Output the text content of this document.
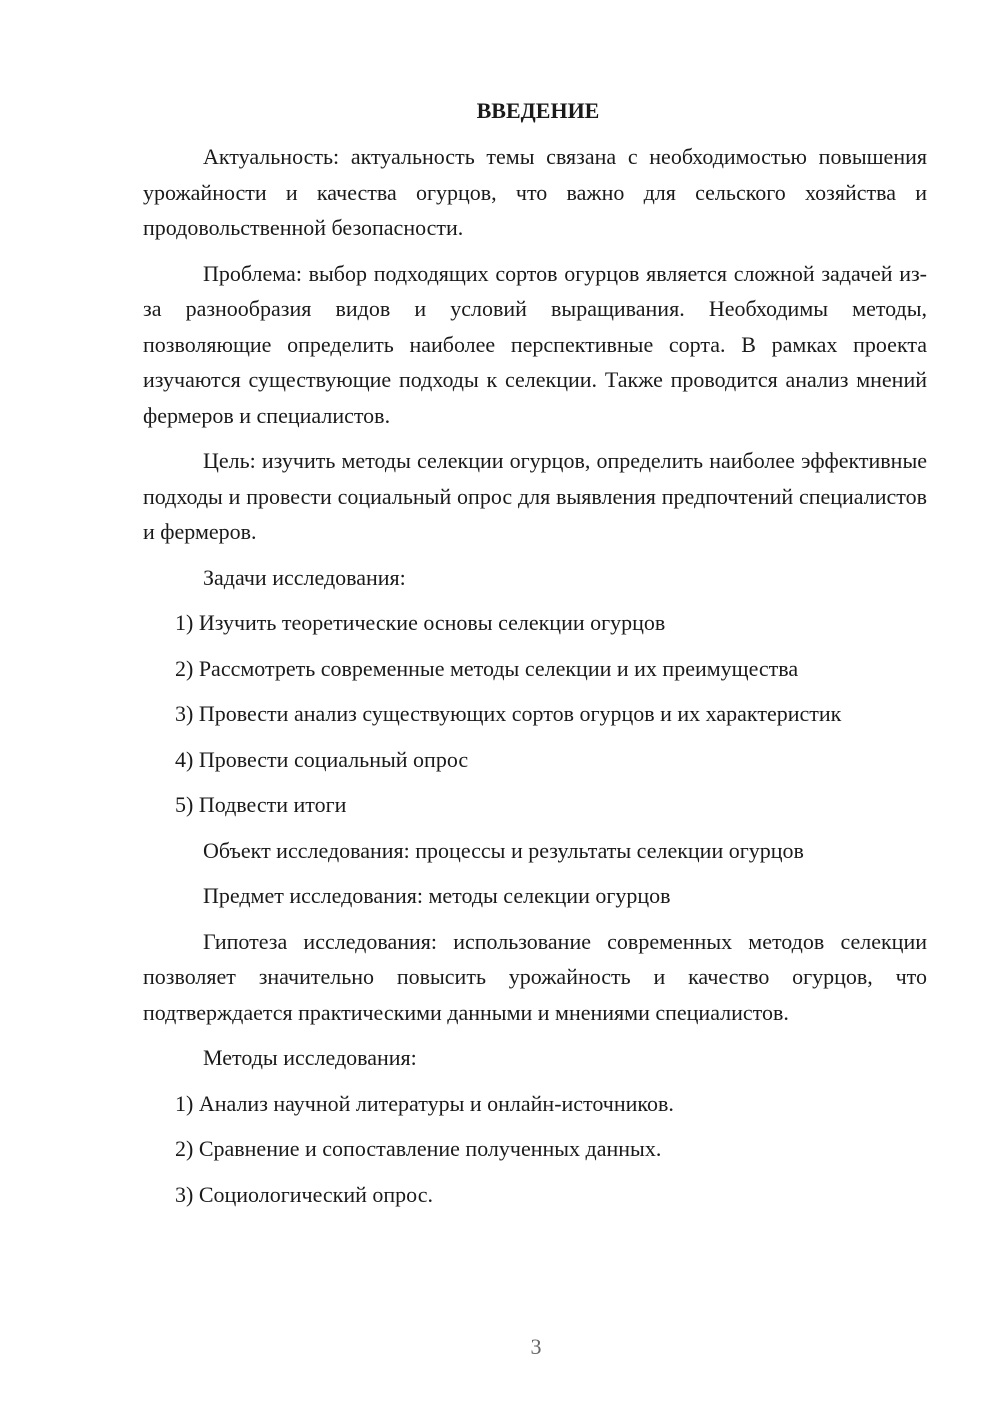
ВВЕДЕНИЕ

Актуальность: актуальность темы связана с необходимостью повышения урожайности и качества огурцов, что важно для сельского хозяйства и продовольственной безопасности.

Проблема: выбор подходящих сортов огурцов является сложной задачей из-за разнообразия видов и условий выращивания. Необходимы методы, позволяющие определить наиболее перспективные сорта. В рамках проекта изучаются существующие подходы к селекции. Также проводится анализ мнений фермеров и специалистов.

Цель: изучить методы селекции огурцов, определить наиболее эффективные подходы и провести социальный опрос для выявления предпочтений специалистов и фермеров.

Задачи исследования:
1) Изучить теоретические основы селекции огурцов
2) Рассмотреть современные методы селекции и их преимущества
3) Провести анализ существующих сортов огурцов и их характеристик
4) Провести социальный опрос
5) Подвести итоги
Объект исследования: процессы и результаты селекции огурцов
Предмет исследования: методы селекции огурцов

Гипотеза исследования: использование современных методов селекции позволяет значительно повысить урожайность и качество огурцов, что подтверждается практическими данными и мнениями специалистов.

Методы исследования:
1) Анализ научной литературы и онлайн-источников.
2) Сравнение и сопоставление полученных данных.
3) Социологический опрос.
3
